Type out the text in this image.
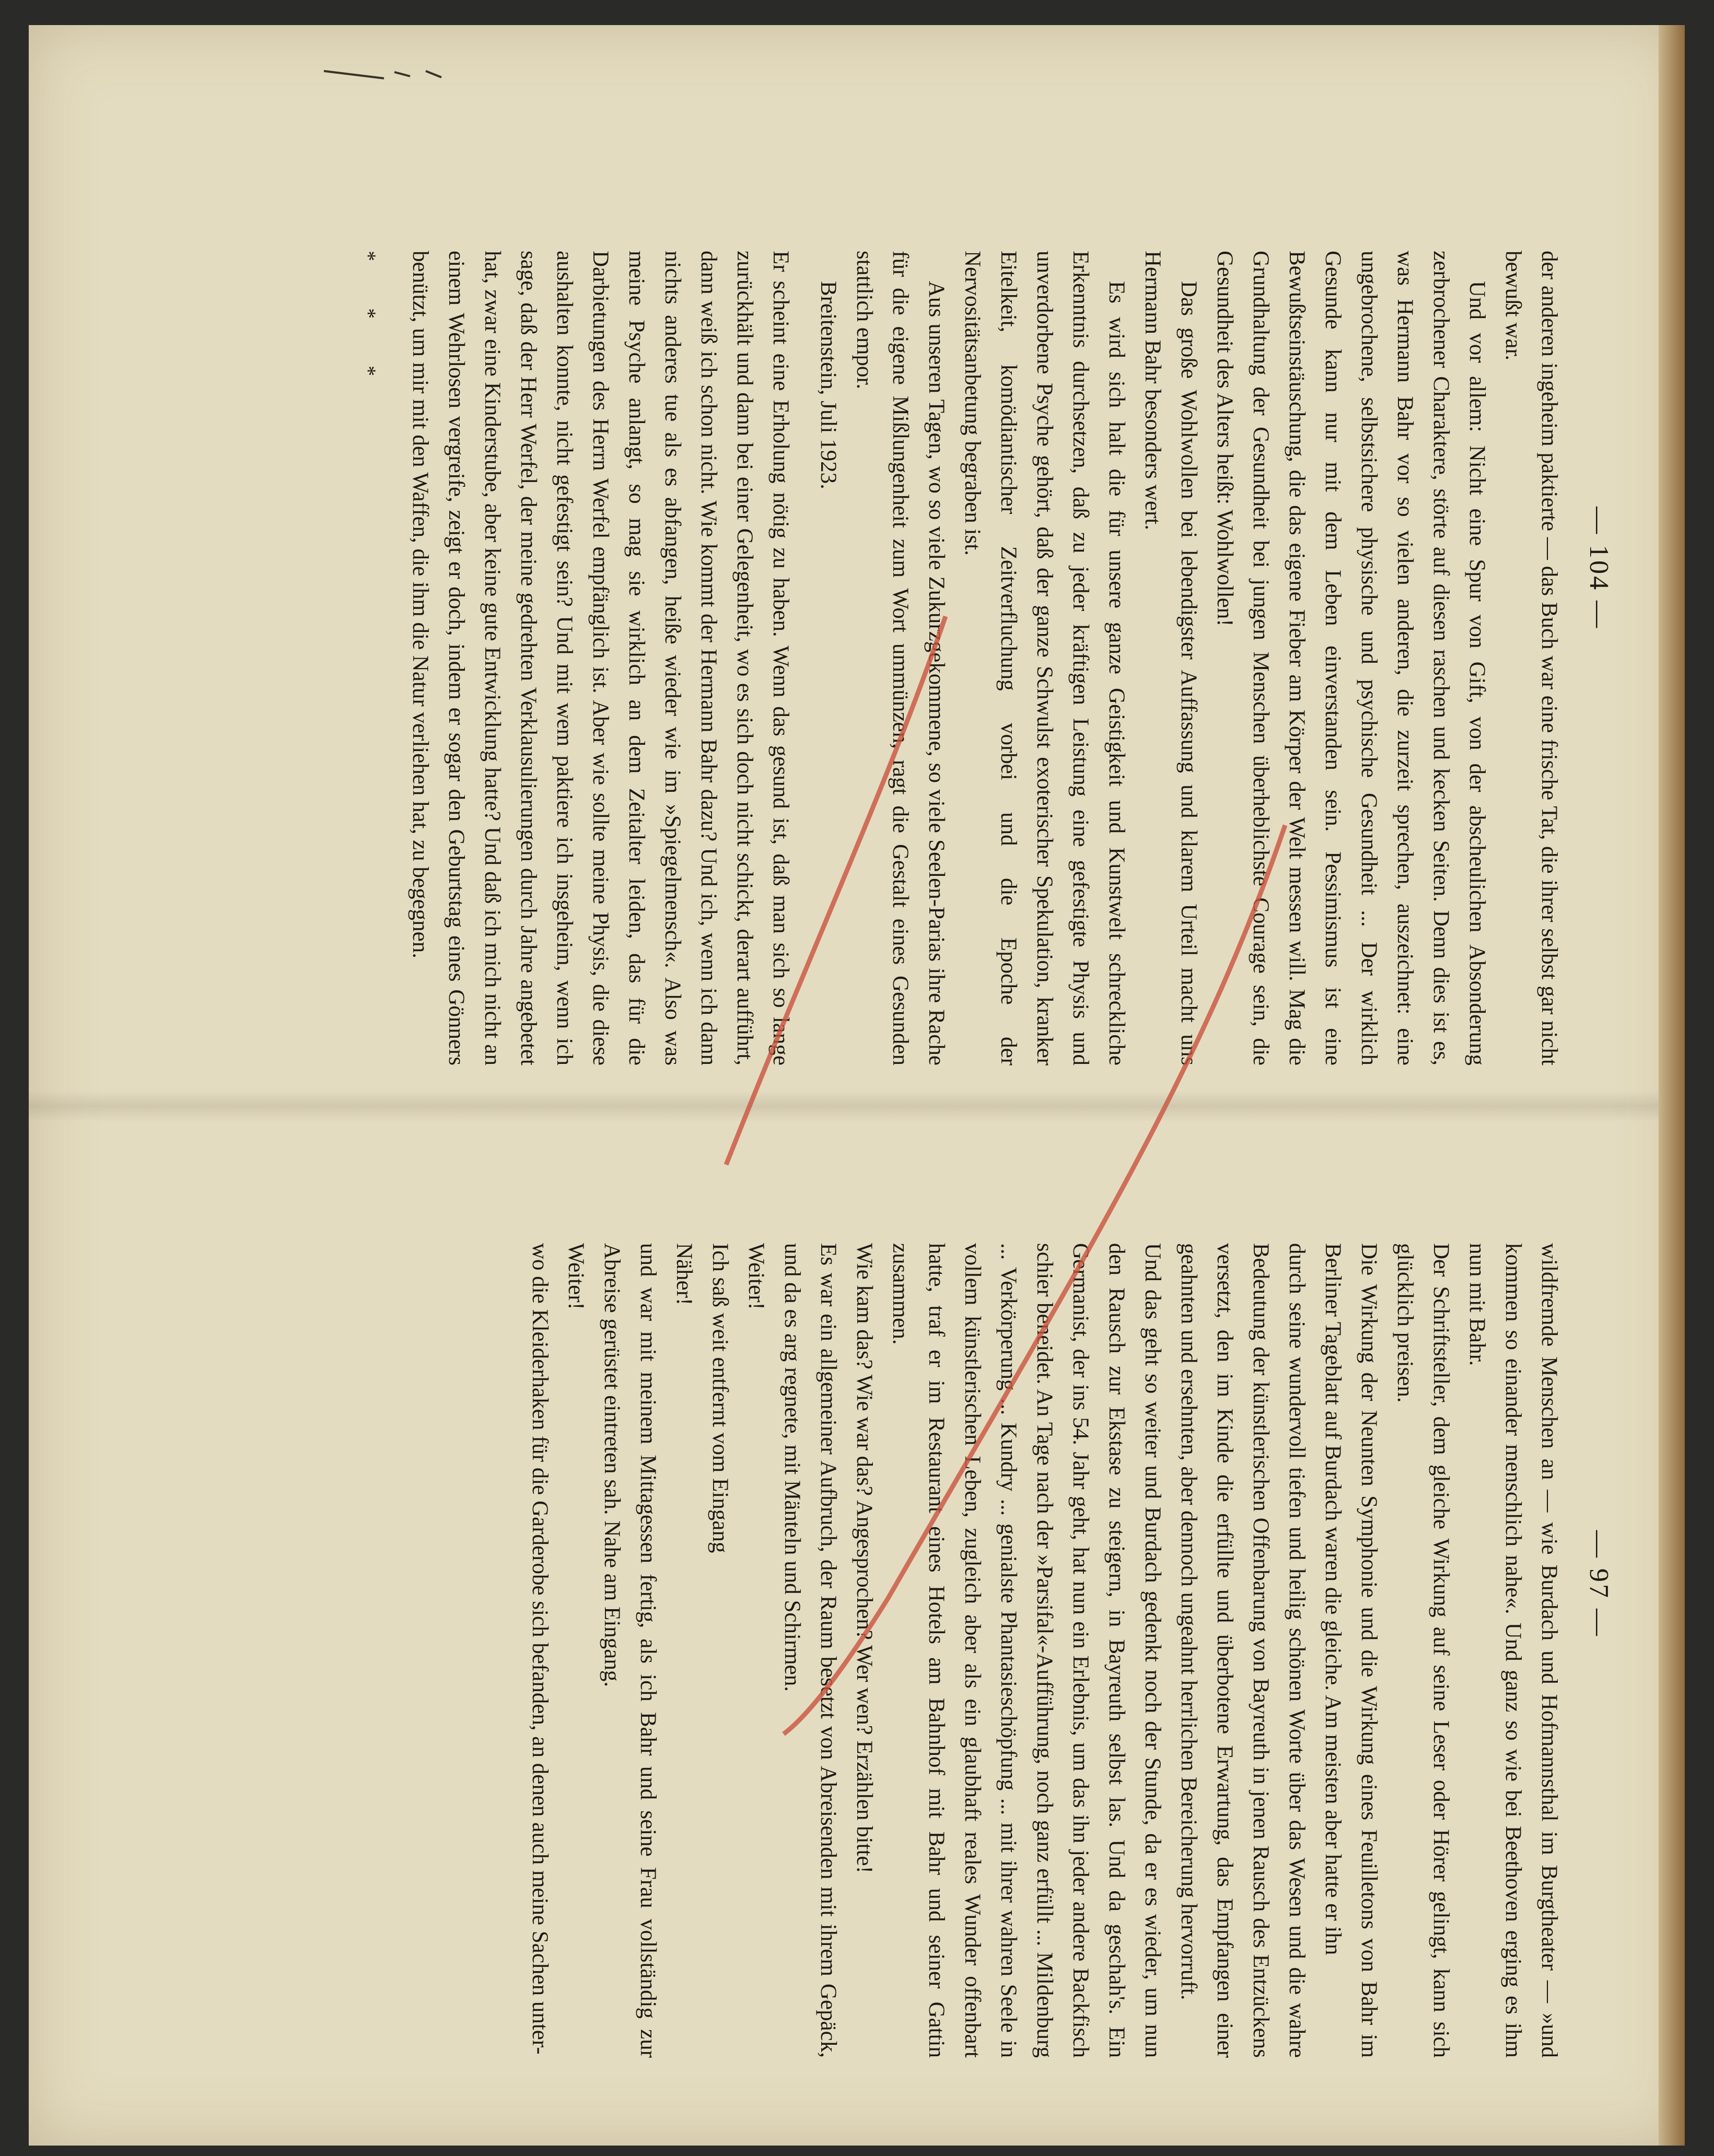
— 104 —

der anderen ingeheim paktierte — das Buch war eine frische Tat, die ihrer selbst gar nicht bewußt war.

Und vor allem: Nicht eine Spur von Gift, von der abscheulichen Absonderung zerbrochener Charaktere, störte auf diesen raschen und kecken Seiten. Denn dies ist es, was Hermann Bahr vor so vielen anderen, die zurzeit sprechen, auszeichnet: eine ungebrochene, selbstsichere physische und psychische Gesundheit ... Der wirklich Gesunde kann nur mit dem Leben einverstanden sein. Pessimismus ist eine Bewußtseinstäuschung, die das eigene Fieber am Körper der Welt messen will. Mag die Grundhaltung der Gesundheit bei jungen Menschen überheblichste Courage sein, die Gesundheit des Alters heißt: Wohlwollen!

Das große Wohlwollen bei lebendigster Auffassung und klarem Urteil macht uns Hermann Bahr besonders wert.

Es wird sich halt die für unsere ganze Geistigkeit und Kunstwelt schreckliche Erkenntnis durchsetzen, daß zu jeder kräftigen Leistung eine gefestigte Physis und unverdorbene Psyche gehört, daß der ganze Schwulst exoterischer Spekulation, kranker Eitelkeit, komödiantischer Zeitverfluchung vorbei und die Epoche der Nervositätsanbetung begraben ist.

Aus unseren Tagen, wo so viele Zukurzgekommene, so viele Seelen-Parias ihre Rache für die eigene Mißlungenheit zum Wort ummünzen, ragt die Gestalt eines Gesunden stattlich empor.

Breitenstein, Juli 1923.

Er scheint eine Erholung nötig zu haben. Wenn das gesund ist, daß man sich so lange zurückhält und dann bei einer Gelegenheit, wo es sich doch nicht schickt, derart aufführt, dann weiß ich schon nicht. Wie kommt der Hermann Bahr dazu? Und ich, wenn ich dann nichts anderes tue als es abfangen, heiße wieder wie im »Spiegelmensch«. Also was meine Psyche anlangt, so mag sie wirklich an dem Zeitalter leiden, das für die Darbietungen des Herrn Werfel empfänglich ist. Aber wie sollte meine Physis, die diese aushalten konnte, nicht gefestigt sein? Und mit wem paktiere ich insgeheim, wenn ich sage, daß der Herr Werfel, der meine gedrehten Verklausulierungen durch Jahre angebetet hat, zwar eine Kinderstube, aber keine gute Entwicklung hatte? Und daß ich mich nicht an einem Wehrlosen vergreife, zeigt er doch, indem er sogar den Geburtstag eines Gönners benützt, um mir mit den Waffen, die ihm die Natur verliehen hat, zu begegnen.

* * *
— 97 —

wildfremde Menschen an — wie Burdach und Hofmannsthal im Burgtheater — »und kommen so einander menschlich nahe«. Und ganz so wie bei Beethoven erging es ihm nun mit Bahr.

Der Schriftsteller, dem gleiche Wirkung auf seine Leser oder Hörer gelingt, kann sich glücklich preisen.

Die Wirkung der Neunten Symphonie und die Wirkung eines Feuilletons von Bahr im Berliner Tageblatt auf Burdach waren die gleiche. Am meisten aber hatte er ihn

durch seine wundervoll tiefen und heilig schönen Worte über das Wesen und die wahre Bedeutung der künstlerischen Offenbarung von Bayreuth in jenen Rausch des Entzückens versetzt, den im Kinde die erfüllte und überbotene Erwartung, das Empfangen einer geahnten und ersehnten, aber dennoch ungeahnt herrlichen Bereicherung hervorruft.

Und das geht so weiter und Burdach gedenkt noch der Stunde, da er es wieder, um nun den Rausch zur Ekstase zu steigern, in Bayreuth selbst las. Und da geschah's. Ein Germanist, der ins 54. Jahr geht, hat nun ein Erlebnis, um das ihn jeder andere Backfisch schier beneidet. An Tage nach der »Parsifal«-Aufführung, noch ganz erfüllt ... Mildenburg ... Verkörperung ... Kundry ... genialste Phantasieschöpfung ... mit ihrer wahren Seele in vollem künstlerischen Leben, zugleich aber als ein glaubhaft reales Wunder offenbart hatte, traf er im Restaurant eines Hotels am Bahnhof mit Bahr und seiner Gattin zusammen.

Wie kam das? Wie war das? Angesprochen? Wer wen? Erzählen bitte!

Es war ein allgemeiner Aufbruch, der Raum besetzt von Abreisenden mit ihrem Gepäck, und da es arg regnete, mit Mänteln und Schirmen.

Weiter!

Ich saß weit entfernt vom Eingang

Näher!

und war mit meinem Mittagessen fertig, als ich Bahr und seine Frau vollständig zur Abreise gerüstet eintreten sah. Nahe am Eingang.

Weiter!

wo die Kleiderhaken für die Garderobe sich befanden, an denen auch meine Sachen unter-
